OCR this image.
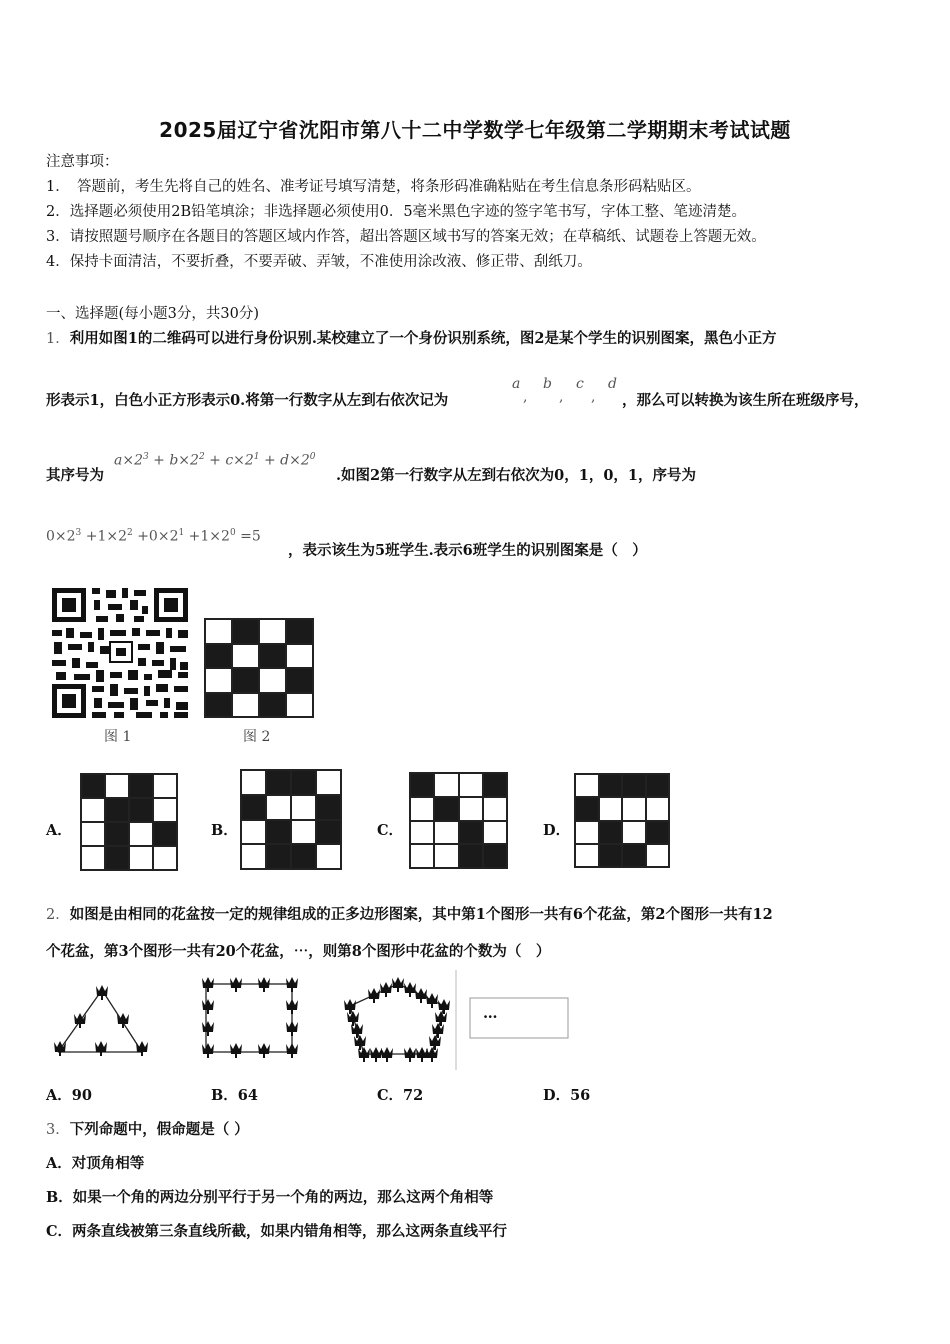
2025届辽宁省沈阳市第八十二中学数学七年级第二学期期末考试试题
注意事项：
1．　答题前，考生先将自己的姓名、准考证号填写清楚，将条形码准确粘贴在考生信息条形码粘贴区。
2．选择题必须使用2B铅笔填涂；非选择题必须使用0．5毫米黑色字迹的签字笔书写，字体工整、笔迹清楚。
3．请按照题号顺序在各题目的答题区域内作答，超出答题区域书写的答案无效；在草稿纸、试题卷上答题无效。
4．保持卡面清洁，不要折叠，不要弄破、弄皱，不准使用涂改液、修正带、刮纸刀。
一、选择题(每小题3分，共30分)
1．利用如图1的二维码可以进行身份识别.某校建立了一个身份识别系统，图2是某个学生的识别图案，黑色小正方
形表示1，白色小正方形表示0.将第一行数字从左到右依次记为
a
,
b
,
c
,
d
，那么可以转换为该生所在班级序号，
其序号为
$a\times 2^3 + b\times 2^2 + c\times 2^1 + d\times 2^0$
.如图2第一行数字从左到右依次为0，1，0，1，序号为
$0\times 2^3 +1\times 2^2 +0\times 2^1 +1\times 2^0 =5$
，表示该生为5班学生.表示6班学生的识别图案是（　）
图 1	图 2
A．	B．	C．	D．
2．如图是由相同的花盆按一定的规律组成的正多边形图案，其中第1个图形一共有6个花盆，第2个图形一共有12
个花盆，第3个图形一共有20个花盆，⋯，则第8个图形中花盆的个数为（　）
…
A．90	B．64	C．72	D．56
3．下列命题中，假命题是（ ）
A．对顶角相等
B．如果一个角的两边分别平行于另一个角的两边，那么这两个角相等
C．两条直线被第三条直线所截，如果内错角相等，那么这两条直线平行
